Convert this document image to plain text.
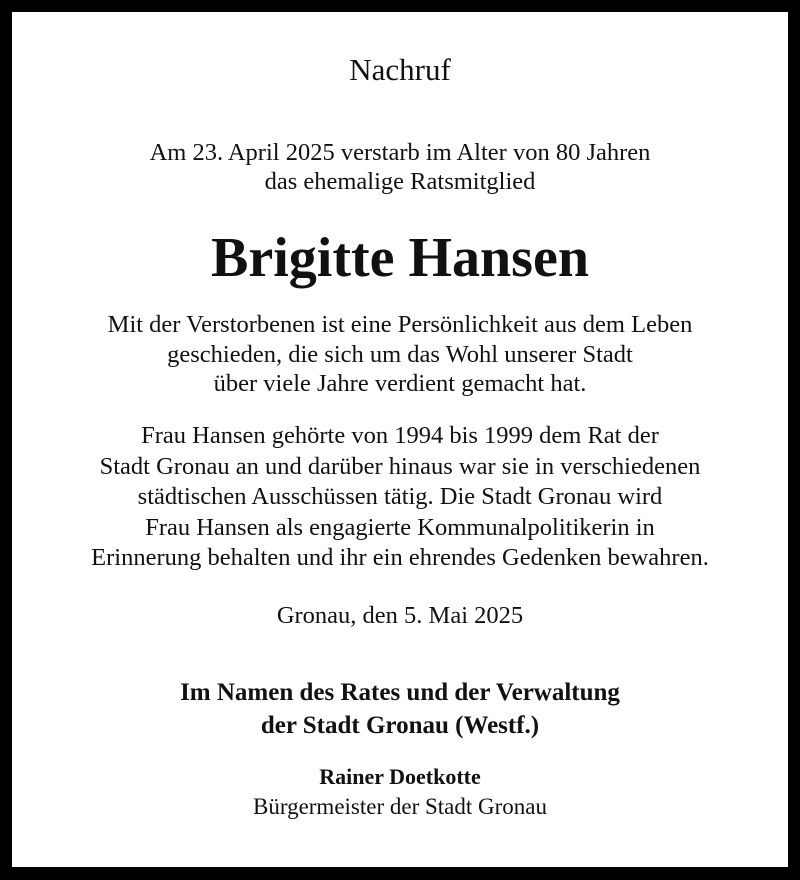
Nachruf
Am 23. April 2025 verstarb im Alter von 80 Jahren
das ehemalige Ratsmitglied
Brigitte Hansen
Mit der Verstorbenen ist eine Persönlichkeit aus dem Leben
geschieden, die sich um das Wohl unserer Stadt
über viele Jahre verdient gemacht hat.
Frau Hansen gehörte von 1994 bis 1999 dem Rat der
Stadt Gronau an und darüber hinaus war sie in verschiedenen
städtischen Ausschüssen tätig. Die Stadt Gronau wird
Frau Hansen als engagierte Kommunalpolitikerin in
Erinnerung behalten und ihr ein ehrendes Gedenken bewahren.
Gronau, den 5. Mai 2025
Im Namen des Rates und der Verwaltung
der Stadt Gronau (Westf.)
Rainer Doetkotte
Bürgermeister der Stadt Gronau
